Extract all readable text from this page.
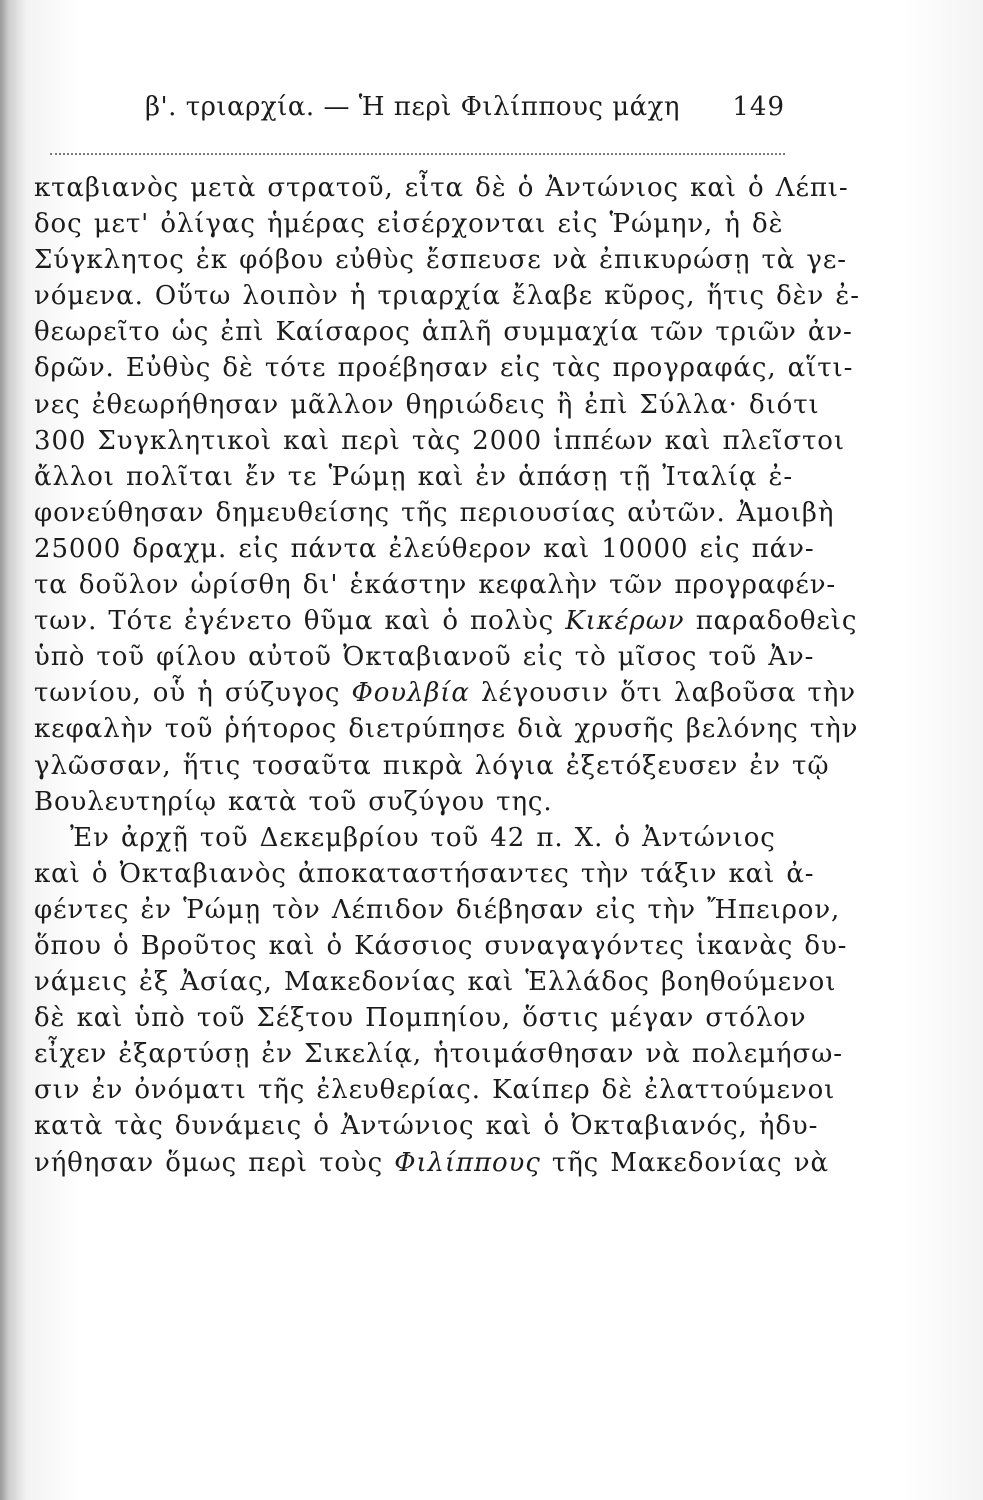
β'. τριαρχία. — Ἡ περὶ Φιλίππους μάχη 149
κταβιανὸς μετὰ στρατοῦ, εἶτα δὲ ὁ Ἀντώνιος καὶ ὁ Λέπι-
δος μετ' ὀλίγας ἡμέρας εἰσέρχονται εἰς Ῥώμην, ἡ δὲ
Σύγκλητος ἐκ φόβου εὐθὺς ἔσπευσε νὰ ἐπικυρώσῃ τὰ γε-
νόμενα. Οὕτω λοιπὸν ἡ τριαρχία ἔλαβε κῦρος, ἥτις δὲν ἐ-
θεωρεῖτο ὡς ἐπὶ Καίσαρος ἁπλῆ συμμαχία τῶν τριῶν ἀν-
δρῶν. Εὐθὺς δὲ τότε προέβησαν εἰς τὰς προγραφάς, αἵτι-
νες ἐθεωρήθησαν μᾶλλον θηριώδεις ἢ ἐπὶ Σύλλα· διότι
300 Συγκλητικοὶ καὶ περὶ τὰς 2000 ἱππέων καὶ πλεῖστοι
ἄλλοι πολῖται ἔν τε Ῥώμῃ καὶ ἐν ἁπάσῃ τῇ Ἰταλίᾳ ἐ-
φονεύθησαν δημευθείσης τῆς περιουσίας αὐτῶν. Ἀμοιβὴ
25000 δραχμ. εἰς πάντα ἐλεύθερον καὶ 10000 εἰς πάν-
τα δοῦλον ὡρίσθη δι' ἑκάστην κεφαλὴν τῶν προγραφέν-
των. Τότε ἐγένετο θῦμα καὶ ὁ πολὺς Κικέρων παραδοθεὶς
ὑπὸ τοῦ φίλου αὐτοῦ Ὀκταβιανοῦ εἰς τὸ μῖσος τοῦ Ἀν-
τωνίου, οὗ ἡ σύζυγος Φουλβία λέγουσιν ὅτι λαβοῦσα τὴν
κεφαλὴν τοῦ ῥήτορος διετρύπησε διὰ χρυσῆς βελόνης τὴν
γλῶσσαν, ἥτις τοσαῦτα πικρὰ λόγια ἐξετόξευσεν ἐν τῷ
Βουλευτηρίῳ κατὰ τοῦ συζύγου της.
Ἐν ἀρχῇ τοῦ Δεκεμβρίου τοῦ 42 π. Χ. ὁ Ἀντώνιος
καὶ ὁ Ὀκταβιανὸς ἀποκαταστήσαντες τὴν τάξιν καὶ ἀ-
φέντες ἐν Ῥώμῃ τὸν Λέπιδον διέβησαν εἰς τὴν Ἤπειρον,
ὅπου ὁ Βροῦτος καὶ ὁ Κάσσιος συναγαγόντες ἱκανὰς δυ-
νάμεις ἐξ Ἀσίας, Μακεδονίας καὶ Ἑλλάδος βοηθούμενοι
δὲ καὶ ὑπὸ τοῦ Σέξτου Πομπηίου, ὅστις μέγαν στόλον
εἶχεν ἐξαρτύσῃ ἐν Σικελίᾳ, ἡτοιμάσθησαν νὰ πολεμήσω-
σιν ἐν ὀνόματι τῆς ἐλευθερίας. Καίπερ δὲ ἐλαττούμενοι
κατὰ τὰς δυνάμεις ὁ Ἀντώνιος καὶ ὁ Ὀκταβιανός, ἠδυ-
νήθησαν ὅμως περὶ τοὺς Φιλίππους τῆς Μακεδονίας νὰ
